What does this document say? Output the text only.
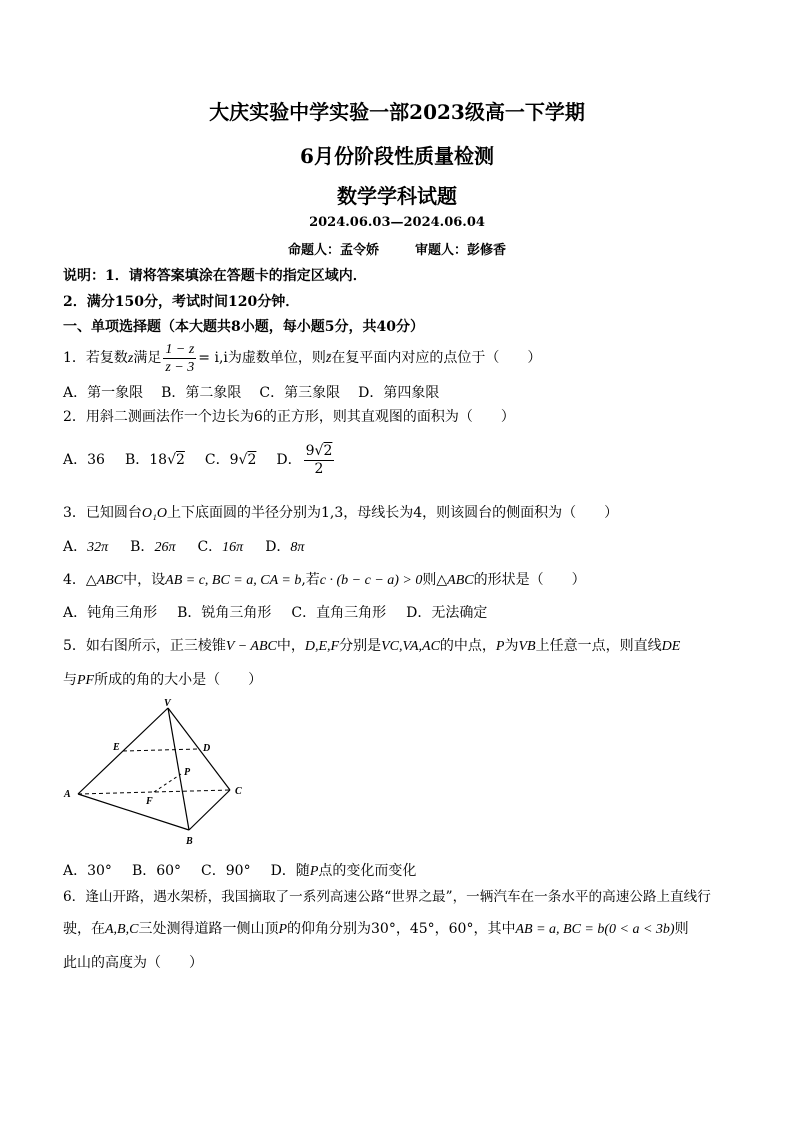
大庆实验中学实验一部2023级高一下学期
6月份阶段性质量检测
数学学科试题
2024.06.03—2024.06.04
命题人：孟令娇	审题人：彭修香
说明：1．请将答案填涂在答题卡的指定区域内．
2．满分150分，考试时间120分钟．
一、单项选择题（本大题共8小题，每小题5分，共40分）
1．若复数z满足 $\frac{1 - z}{z - 3} = i,i$为虚数单位，则z̄在复平面内对应的点位于（　　）
A．第一象限 B．第二象限 C．第三象限 D．第四象限
2．用斜二测画法作一个边长为6的正方形，则其直观图的面积为（　　）
A．36 B．18√2 C．9√2 D． $\frac{9√2}{2}$
3．已知圆台O₁O上下底面圆的半径分别为1,3，母线长为4，则该圆台的侧面积为（　　）
A．32π B．26π C．16π D．8π
4．△ABC中，设AB = c, BC = a, CA = b,若c · (b − c − a) > 0则△ABC的形状是（　　）
A．钝角三角形 B．锐角三角形 C．直角三角形 D．无法确定
5．如右图所示，正三棱锥V − ABC中，D,E,F分别是VC,VA,AC的中点，P为VB上任意一点，则直线DE
与PF所成的角的大小是（　　）
V
E	D
P
A
F
C
B
A．30° B．60° C．90° D．随P点的变化而变化
6．逢山开路，遇水架桥，我国摘取了一系列高速公路“世界之最”，一辆汽车在一条水平的高速公路上直线行
驶，在A,B,C三处测得道路一侧山顶P的仰角分别为30°，45°，60°，其中AB = a, BC = b(0 < a < 3b)则
此山的高度为（　　）
